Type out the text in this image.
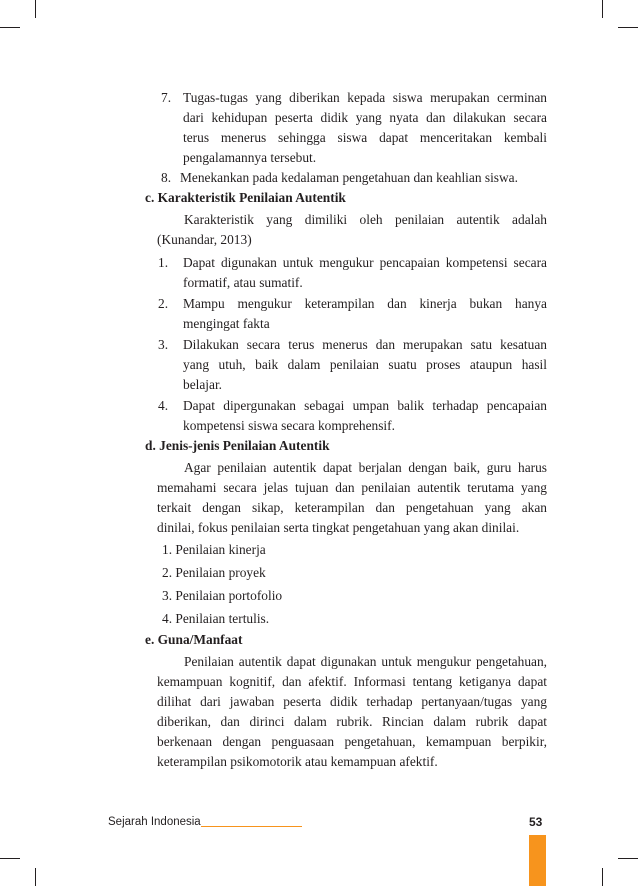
7. Tugas-tugas yang diberikan kepada siswa merupakan cerminan
dari kehidupan peserta didik yang nyata dan dilakukan secara
terus menerus sehingga siswa dapat menceritakan kembali
pengalamannya tersebut.
8. Menekankan pada kedalaman pengetahuan dan keahlian siswa.
c. Karakteristik Penilaian Autentik
Karakteristik yang dimiliki oleh penilaian autentik adalah
(Kunandar, 2013)
1. Dapat digunakan untuk mengukur pencapaian kompetensi secara
formatif, atau sumatif.
2. Mampu mengukur keterampilan dan kinerja bukan hanya
mengingat fakta
3. Dilakukan secara terus menerus dan merupakan satu kesatuan
yang utuh, baik dalam penilaian suatu proses ataupun hasil
belajar.
4. Dapat dipergunakan sebagai umpan balik terhadap pencapaian
kompetensi siswa secara komprehensif.
d. Jenis-jenis Penilaian Autentik
Agar penilaian autentik dapat berjalan dengan baik, guru harus
memahami secara jelas tujuan dan penilaian autentik terutama yang
terkait dengan sikap, keterampilan dan pengetahuan yang akan
dinilai, fokus penilaian serta tingkat pengetahuan yang akan dinilai.
1. Penilaian kinerja
2. Penilaian proyek
3. Penilaian portofolio
4. Penilaian tertulis.
e. Guna/Manfaat
Penilaian autentik dapat digunakan untuk mengukur pengetahuan,
kemampuan kognitif, dan afektif. Informasi tentang ketiganya dapat
dilihat dari jawaban peserta didik terhadap pertanyaan/tugas yang
diberikan, dan dirinci dalam rubrik. Rincian dalam rubrik dapat
berkenaan dengan penguasaan pengetahuan, kemampuan berpikir,
keterampilan psikomotorik atau kemampuan afektif.
Sejarah Indonesia	53
